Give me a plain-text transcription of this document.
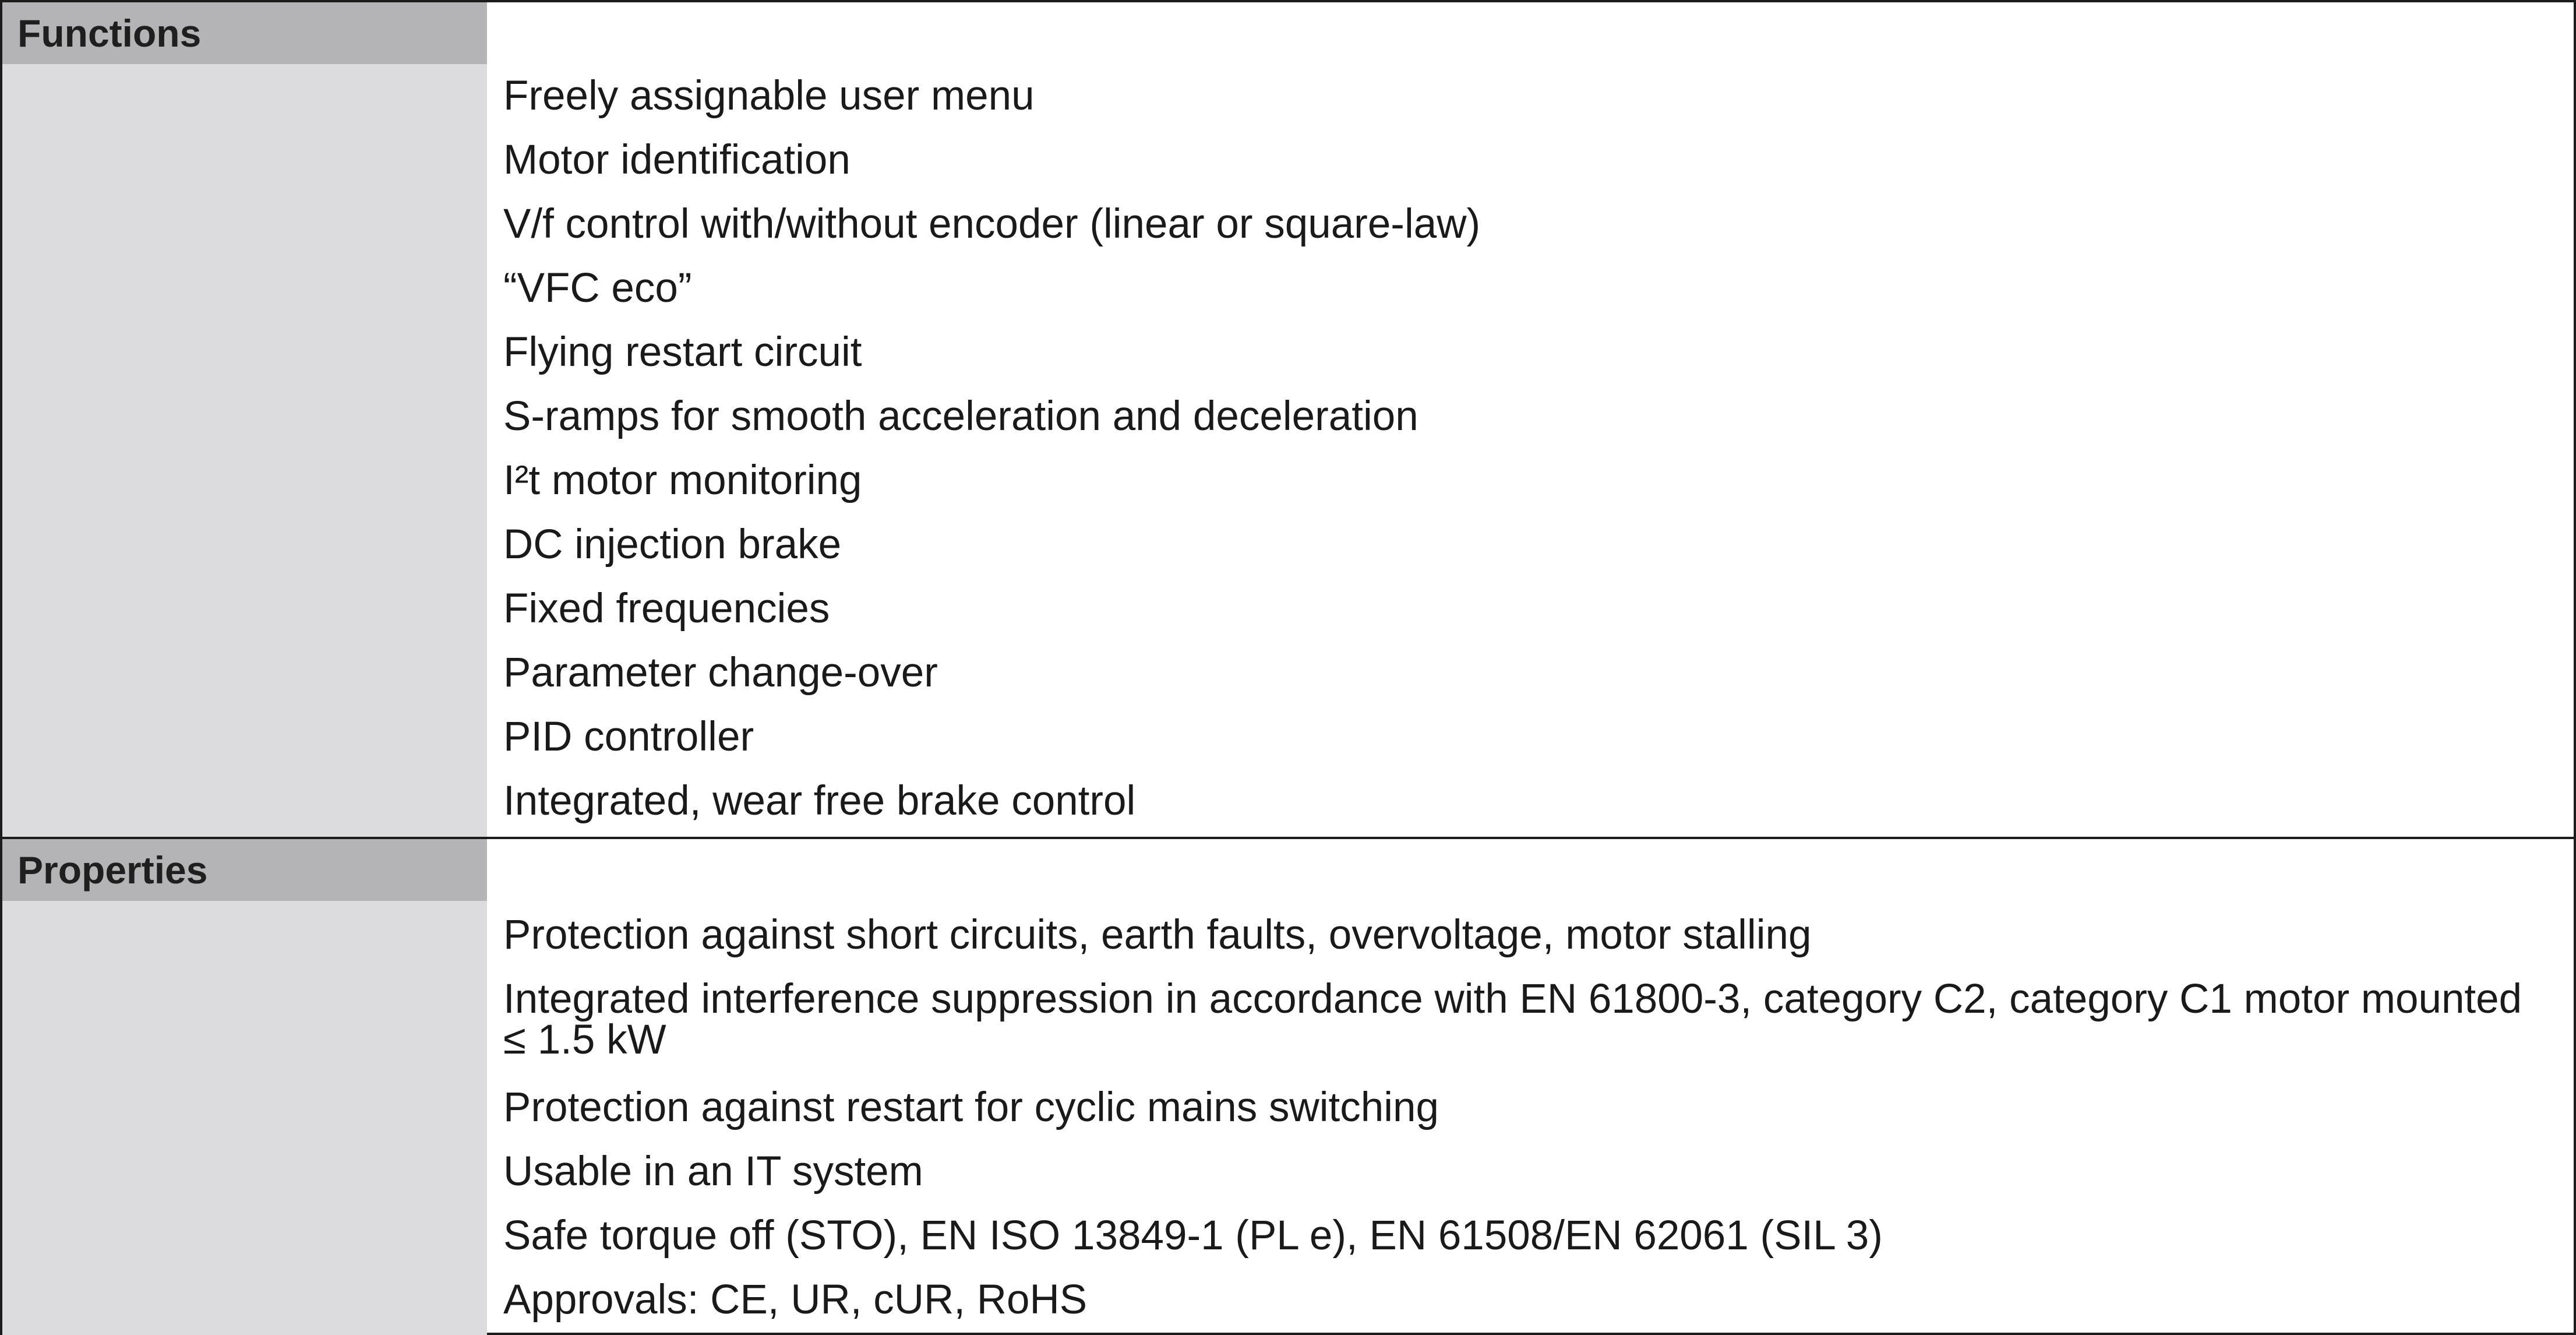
Functions
Freely assignable user menu
Motor identification
V/f control with/without encoder (linear or square-law)
“VFC eco”
Flying restart circuit
S-ramps for smooth acceleration and deceleration
I²t motor monitoring
DC injection brake
Fixed frequencies
Parameter change-over
PID controller
Integrated, wear free brake control
Properties
Protection against short circuits, earth faults, overvoltage, motor stalling
Integrated interference suppression in accordance with EN 61800-3, category C2, category C1 motor mounted ≤ 1.5 kW
Protection against restart for cyclic mains switching
Usable in an IT system
Safe torque off (STO), EN ISO 13849-1 (PL e), EN 61508/EN 62061 (SIL 3)
Approvals: CE, UR, cUR, RoHS
